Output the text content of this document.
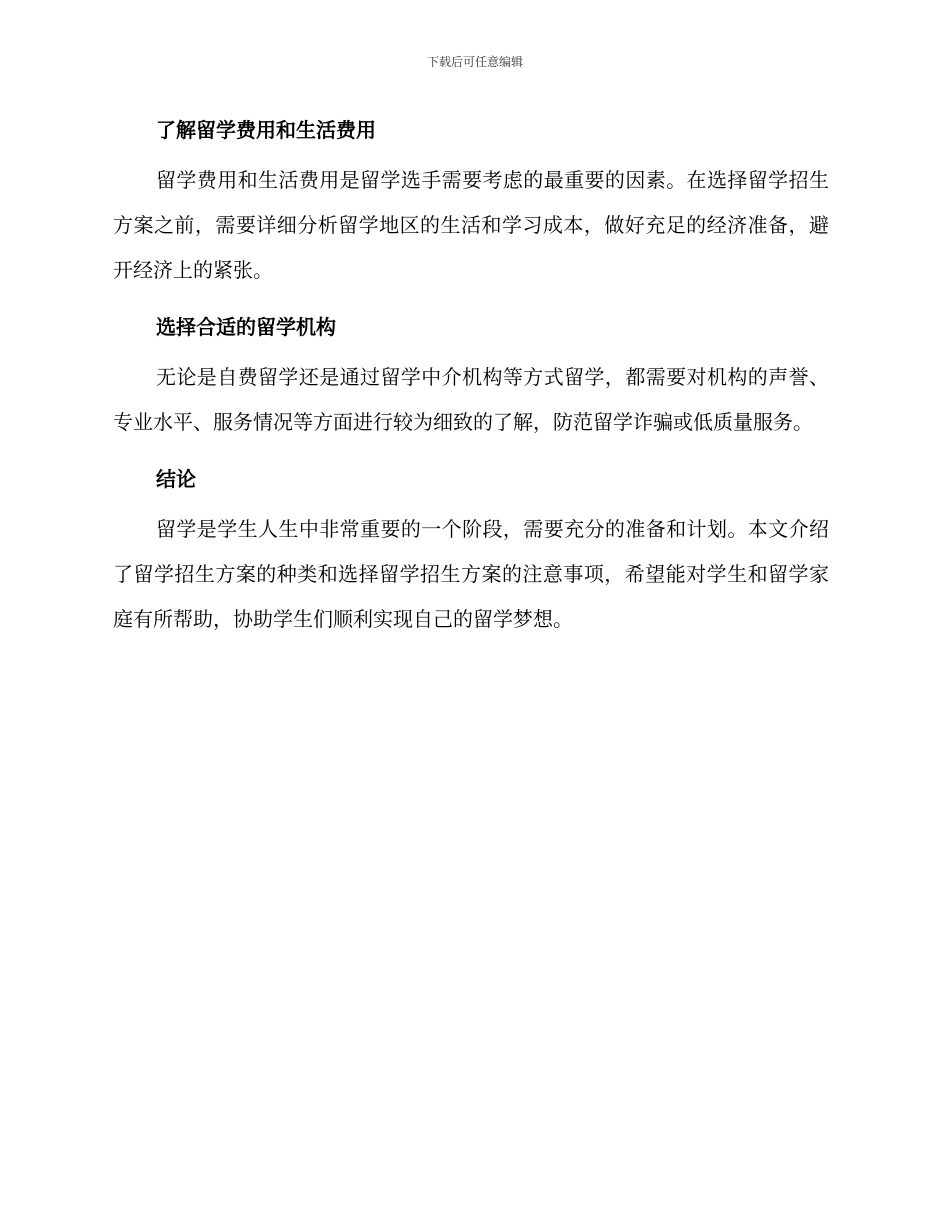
下载后可任意编辑
了解留学费用和生活费用

留学费用和生活费用是留学选手需要考虑的最重要的因素。在选择留学招生方案之前，需要详细分析留学地区的生活和学习成本，做好充足的经济准备，避开经济上的紧张。

选择合适的留学机构

无论是自费留学还是通过留学中介机构等方式留学，都需要对机构的声誉、专业水平、服务情况等方面进行较为细致的了解，防范留学诈骗或低质量服务。

结论

留学是学生人生中非常重要的一个阶段，需要充分的准备和计划。本文介绍了留学招生方案的种类和选择留学招生方案的注意事项，希望能对学生和留学家庭有所帮助，协助学生们顺利实现自己的留学梦想。
